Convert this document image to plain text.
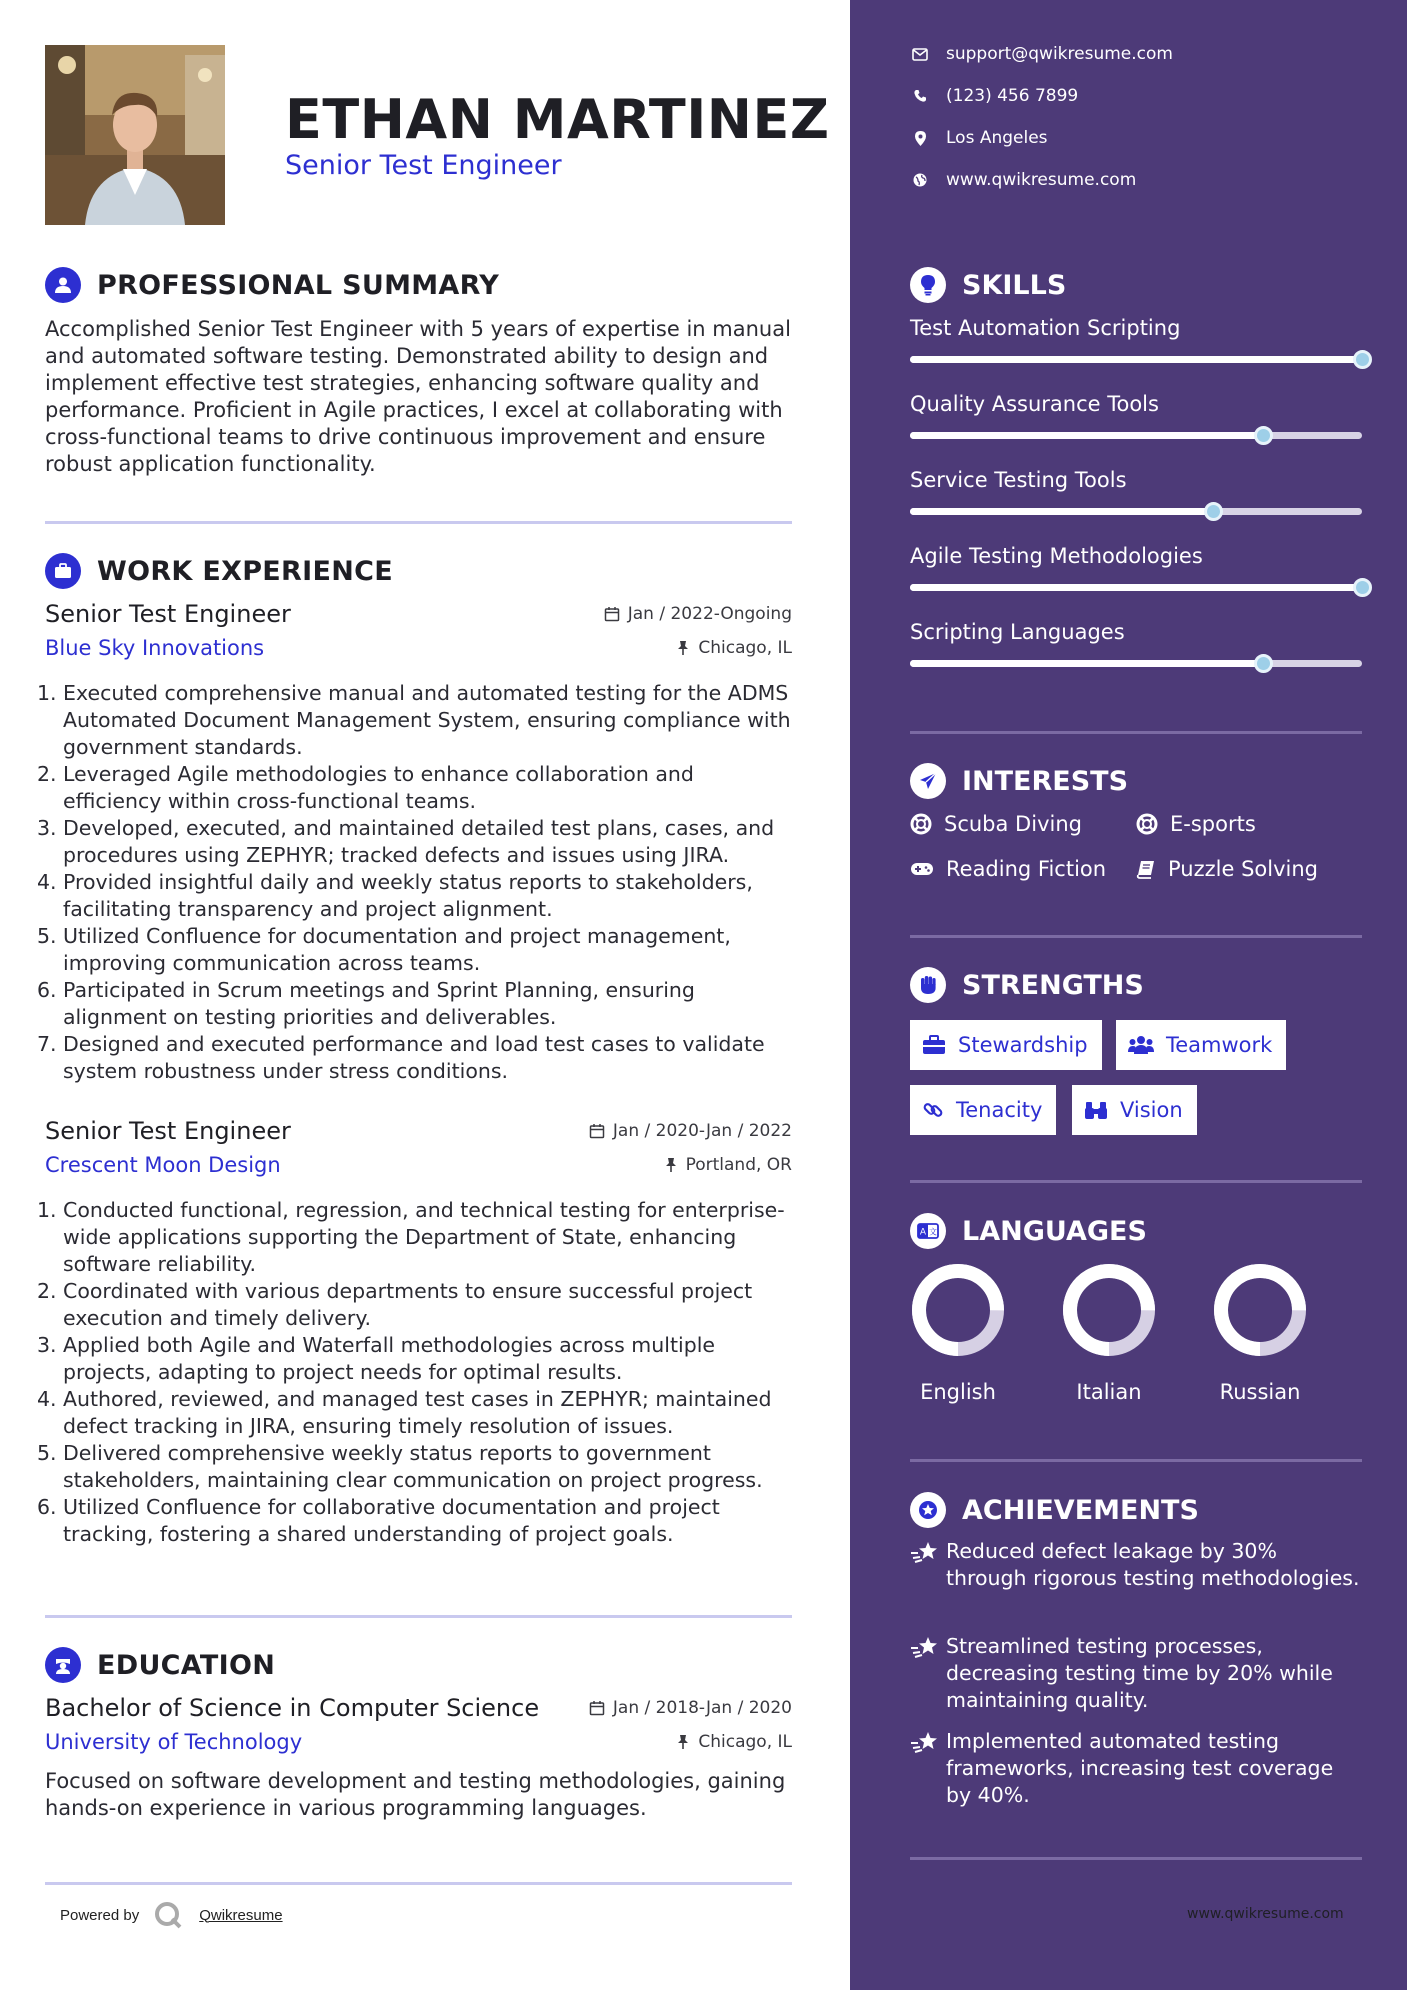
ETHAN MARTINEZ
Senior Test Engineer
PROFESSIONAL SUMMARY
Accomplished Senior Test Engineer with 5 years of expertise in manual and automated software testing. Demonstrated ability to design and implement effective test strategies, enhancing software quality and performance. Proficient in Agile practices, I excel at collaborating with cross-functional teams to drive continuous improvement and ensure robust application functionality.
WORK EXPERIENCE
Senior Test Engineer	Jan / 2022-Ongoing
Blue Sky Innovations	Chicago, IL
1. Executed comprehensive manual and automated testing for the ADMS Automated Document Management System, ensuring compliance with government standards.
2. Leveraged Agile methodologies to enhance collaboration and efficiency within cross-functional teams.
3. Developed, executed, and maintained detailed test plans, cases, and procedures using ZEPHYR; tracked defects and issues using JIRA.
4. Provided insightful daily and weekly status reports to stakeholders, facilitating transparency and project alignment.
5. Utilized Confluence for documentation and project management, improving communication across teams.
6. Participated in Scrum meetings and Sprint Planning, ensuring alignment on testing priorities and deliverables.
7. Designed and executed performance and load test cases to validate system robustness under stress conditions.
Senior Test Engineer	Jan / 2020-Jan / 2022
Crescent Moon Design	Portland, OR
1. Conducted functional, regression, and technical testing for enterprise-wide applications supporting the Department of State, enhancing software reliability.
2. Coordinated with various departments to ensure successful project execution and timely delivery.
3. Applied both Agile and Waterfall methodologies across multiple projects, adapting to project needs for optimal results.
4. Authored, reviewed, and managed test cases in ZEPHYR; maintained defect tracking in JIRA, ensuring timely resolution of issues.
5. Delivered comprehensive weekly status reports to government stakeholders, maintaining clear communication on project progress.
6. Utilized Confluence for collaborative documentation and project tracking, fostering a shared understanding of project goals.
EDUCATION
Bachelor of Science in Computer Science	Jan / 2018-Jan / 2020
University of Technology	Chicago, IL
Focused on software development and testing methodologies, gaining hands-on experience in various programming languages.
Powered by	Qwikresume
support@qwikresume.com
(123) 456 7899
Los Angeles
www.qwikresume.com
SKILLS
Test Automation Scripting
Quality Assurance Tools
Service Testing Tools
Agile Testing Methodologies
Scripting Languages
INTERESTS
Scuba Diving	E-sports
Reading Fiction	Puzzle Solving
STRENGTHS
Stewardship	Teamwork
Tenacity	Vision
A 文 LANGUAGES
English	Italian	Russian
ACHIEVEMENTS
Reduced defect leakage by 30% through rigorous testing methodologies.
Streamlined testing processes, decreasing testing time by 20% while maintaining quality.
Implemented automated testing frameworks, increasing test coverage by 40%.
www.qwikresume.com
